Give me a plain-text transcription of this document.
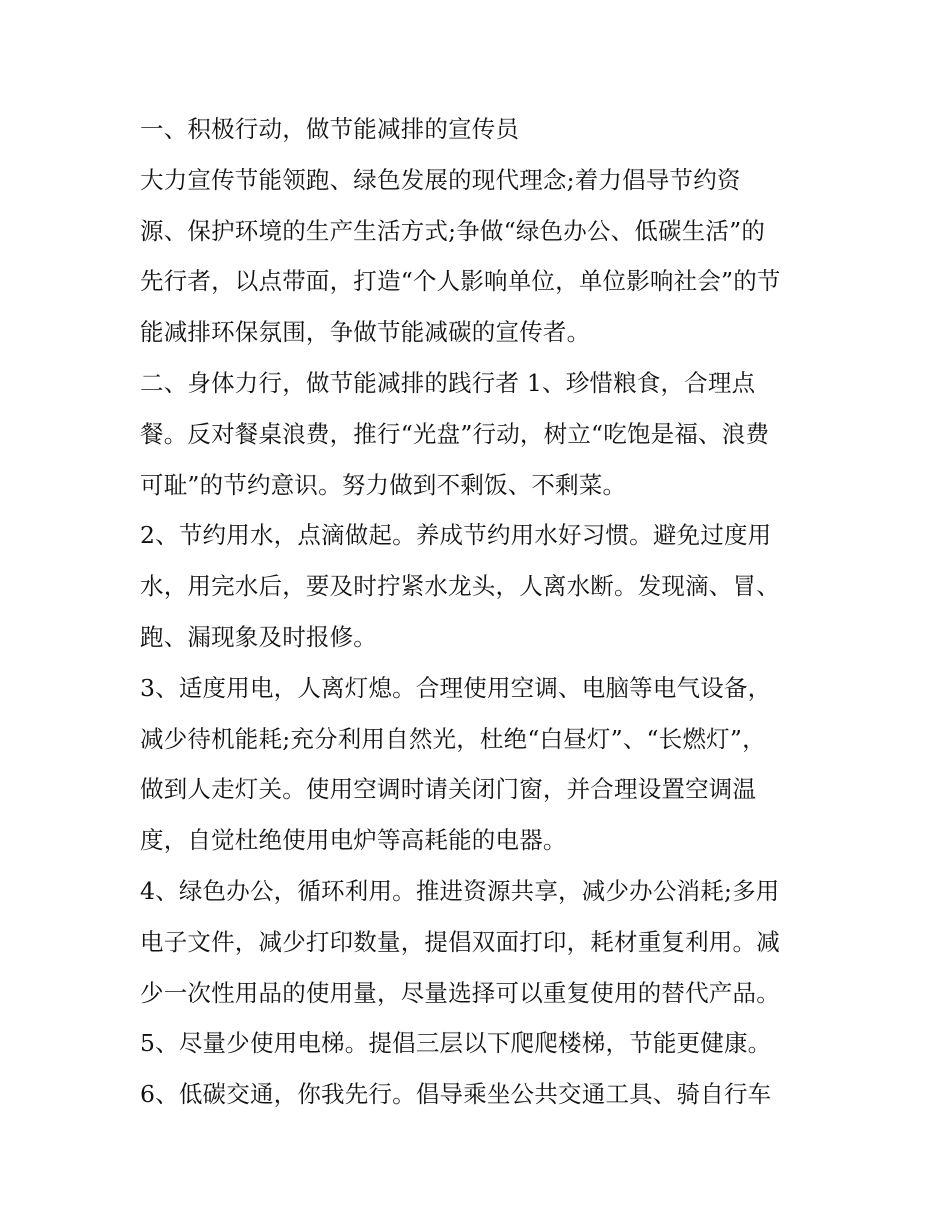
一、积极行动，做节能减排的宣传员
大力宣传节能领跑、绿色发展的现代理念;着力倡导节约资
源、保护环境的生产生活方式;争做“绿色办公、低碳生活”的
先行者，以点带面，打造“个人影响单位，单位影响社会”的节
能减排环保氛围，争做节能减碳的宣传者。
二、身体力行，做节能减排的践行者 1、珍惜粮食，合理点
餐。反对餐桌浪费，推行“光盘”行动，树立“吃饱是福、浪费
可耻”的节约意识。努力做到不剩饭、不剩菜。
2、节约用水，点滴做起。养成节约用水好习惯。避免过度用
水，用完水后，要及时拧紧水龙头，人离水断。发现滴、冒、
跑、漏现象及时报修。
3、适度用电，人离灯熄。合理使用空调、电脑等电气设备，
减少待机能耗;充分利用自然光，杜绝“白昼灯”、“长燃灯”，
做到人走灯关。使用空调时请关闭门窗，并合理设置空调温
度，自觉杜绝使用电炉等高耗能的电器。
4、绿色办公，循环利用。推进资源共享，减少办公消耗;多用
电子文件，减少打印数量，提倡双面打印，耗材重复利用。减
少一次性用品的使用量，尽量选择可以重复使用的替代产品。
5、尽量少使用电梯。提倡三层以下爬爬楼梯，节能更健康。
6、低碳交通，你我先行。倡导乘坐公共交通工具、骑自行车
